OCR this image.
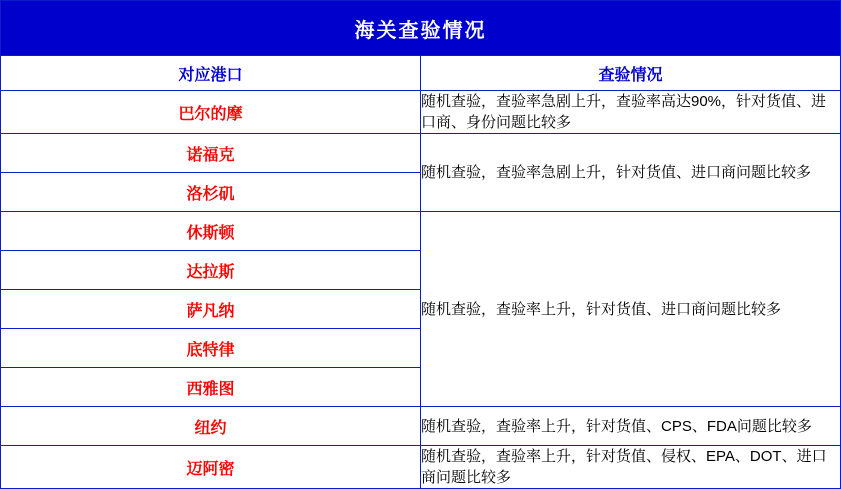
海关查验情况	
对应港口	查验情况
巴尔的摩	随机查验，查验率急剧上升，查验率高达90%，针对货值、进口商、身份问题比较多
诺福克	随机查验，查验率急剧上升，针对货值、进口商问题比较多
洛杉矶	
休斯顿	随机查验，查验率上升，针对货值、进口商问题比较多
达拉斯	
萨凡纳	
底特律	
西雅图	
纽约	随机查验，查验率上升，针对货值、CPS、FDA问题比较多
迈阿密	随机查验，查验率上升，针对货值、侵权、EPA、DOT、进口商问题比较多
